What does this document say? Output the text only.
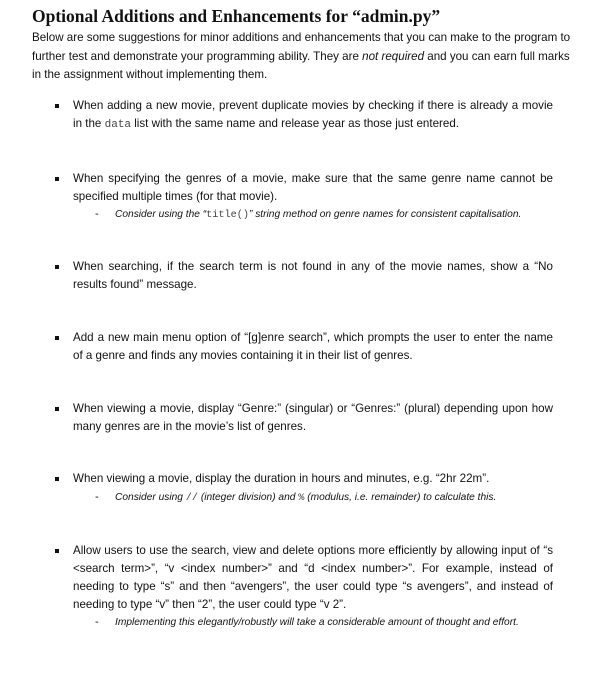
Optional Additions and Enhancements for “admin.py”

Below are some suggestions for minor additions and enhancements that you can make to the program to further test and demonstrate your programming ability. They are not required and you can earn full marks in the assignment without implementing them.

When adding a new movie, prevent duplicate movies by checking if there is already a movie in the data list with the same name and release year as those just entered.

When specifying the genres of a movie, make sure that the same genre name cannot be specified multiple times (for that movie).

- Consider using the “title()” string method on genre names for consistent capitalisation.

When searching, if the search term is not found in any of the movie names, show a “No results found” message.

Add a new main menu option of “[g]enre search”, which prompts the user to enter the name of a genre and finds any movies containing it in their list of genres.

When viewing a movie, display “Genre:” (singular) or “Genres:” (plural) depending upon how many genres are in the movie’s list of genres.

When viewing a movie, display the duration in hours and minutes, e.g. “2hr 22m”.

- Consider using // (integer division) and % (modulus, i.e. remainder) to calculate this.

Allow users to use the search, view and delete options more efficiently by allowing input of “s <search term>”, “v <index number>” and “d <index number>”. For example, instead of needing to type “s” and then “avengers”, the user could type “s avengers”, and instead of needing to type “v” then “2”, the user could type “v 2”.

- Implementing this elegantly/robustly will take a considerable amount of thought and effort.
